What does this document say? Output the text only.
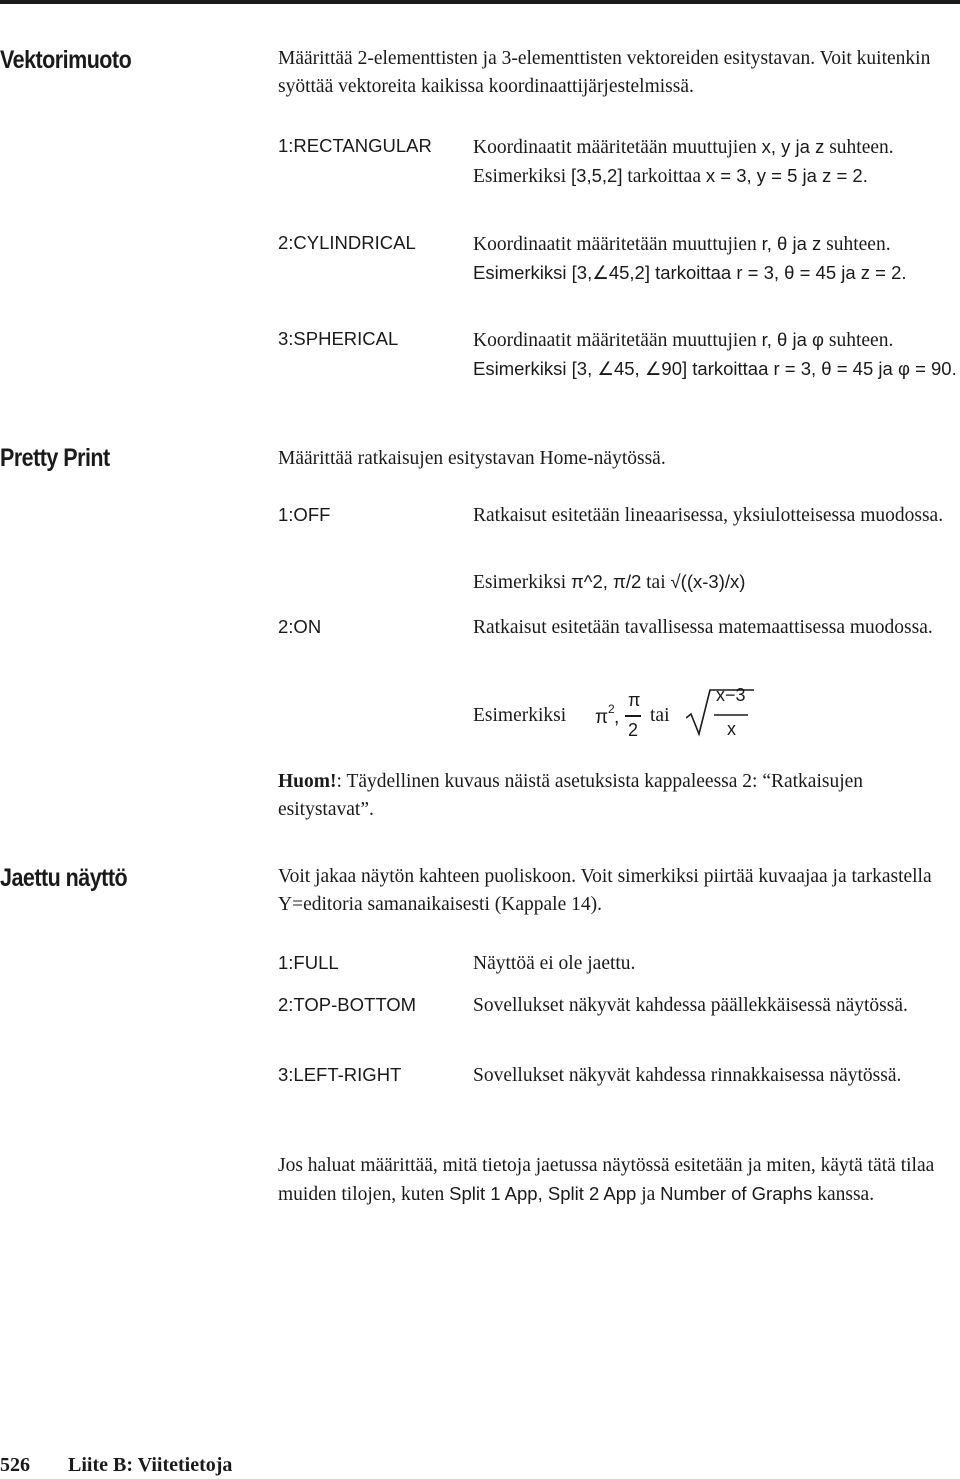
Vektorimuoto	Määrittää 2-elementtisten ja 3-elementtisten vektoreiden esitystavan. Voit kuitenkin syöttää vektoreita kaikissa koordinaattijärjestelmissä.

1:RECTANGULAR Koordinaatit määritetään muuttujien x, y ja z suhteen. Esimerkiksi [3,5,2] tarkoittaa x = 3, y = 5 ja z = 2.

2:CYLINDRICAL	Koordinaatit määritetään muuttujien r, θ ja z suhteen. Esimerkiksi [3,∠45,2] tarkoittaa r = 3, θ = 45 ja z = 2.

3:SPHERICAL	Koordinaatit määritetään muuttujien r, θ ja φ suhteen. Esimerkiksi [3, ∠45, ∠90] tarkoittaa r = 3, θ = 45 ja φ = 90.

Pretty Print	Määrittää ratkaisujen esitystavan Home-näytössä.

1:OFF	Ratkaisut esitetään lineaarisessa, yksiulotteisessa muodossa.

Esimerkiksi π^2, π/2 tai √((x-3)/x)

2:ON	Ratkaisut esitetään tavallisessa matemaattisessa muodossa.

Esimerkiksi π 2 ,
π
2
tai
x−3
x

Huom!: Täydellinen kuvaus näistä asetuksista kappaleessa 2: “Ratkaisujen esitystavat”.

Jaettu näyttö	Voit jakaa näytön kahteen puoliskoon. Voit simerkiksi piirtää kuvaajaa ja tarkastella Y=editoria samanaikaisesti (Kappale 14).

1:FULL	Näyttöä ei ole jaettu.

2:TOP-BOTTOM	Sovellukset näkyvät kahdessa päällekkäisessä näytössä.

3:LEFT-RIGHT	Sovellukset näkyvät kahdessa rinnakkaisessa näytössä.

Jos haluat määrittää, mitä tietoja jaetussa näytössä esitetään ja miten, käytä tätä tilaa muiden tilojen, kuten Split 1 App, Split 2 App ja Number of Graphs kanssa.

526 Liite B: Viitetietoja
